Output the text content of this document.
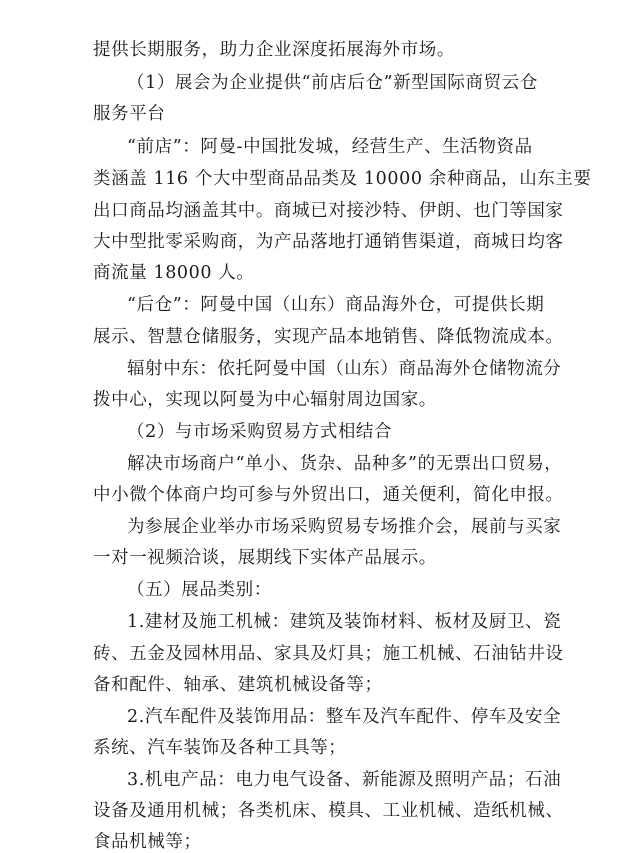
提供长期服务，助力企业深度拓展海外市场。
（1）展会为企业提供“前店后仓”新型国际商贸云仓
服务平台
“前店”：阿曼-中国批发城，经营生产、生活物资品
类涵盖 116 个大中型商品品类及 10000 余种商品，山东主要
出口商品均涵盖其中。商城已对接沙特、伊朗、也门等国家
大中型批零采购商，为产品落地打通销售渠道，商城日均客
商流量 18000 人。
“后仓”：阿曼中国（山东）商品海外仓，可提供长期
展示、智慧仓储服务，实现产品本地销售、降低物流成本。
辐射中东：依托阿曼中国（山东）商品海外仓储物流分
拨中心，实现以阿曼为中心辐射周边国家。
（2）与市场采购贸易方式相结合
解决市场商户“单小、货杂、品种多”的无票出口贸易，
中小微个体商户均可参与外贸出口，通关便利，简化申报。
为参展企业举办市场采购贸易专场推介会，展前与买家
一对一视频洽谈，展期线下实体产品展示。
（五）展品类别：
1.建材及施工机械：建筑及装饰材料、板材及厨卫、瓷
砖、五金及园林用品、家具及灯具；施工机械、石油钻井设
备和配件、轴承、建筑机械设备等；
2.汽车配件及装饰用品：整车及汽车配件、停车及安全
系统、汽车装饰及各种工具等；
3.机电产品：电力电气设备、新能源及照明产品；石油
设备及通用机械；各类机床、模具、工业机械、造纸机械、
食品机械等；
